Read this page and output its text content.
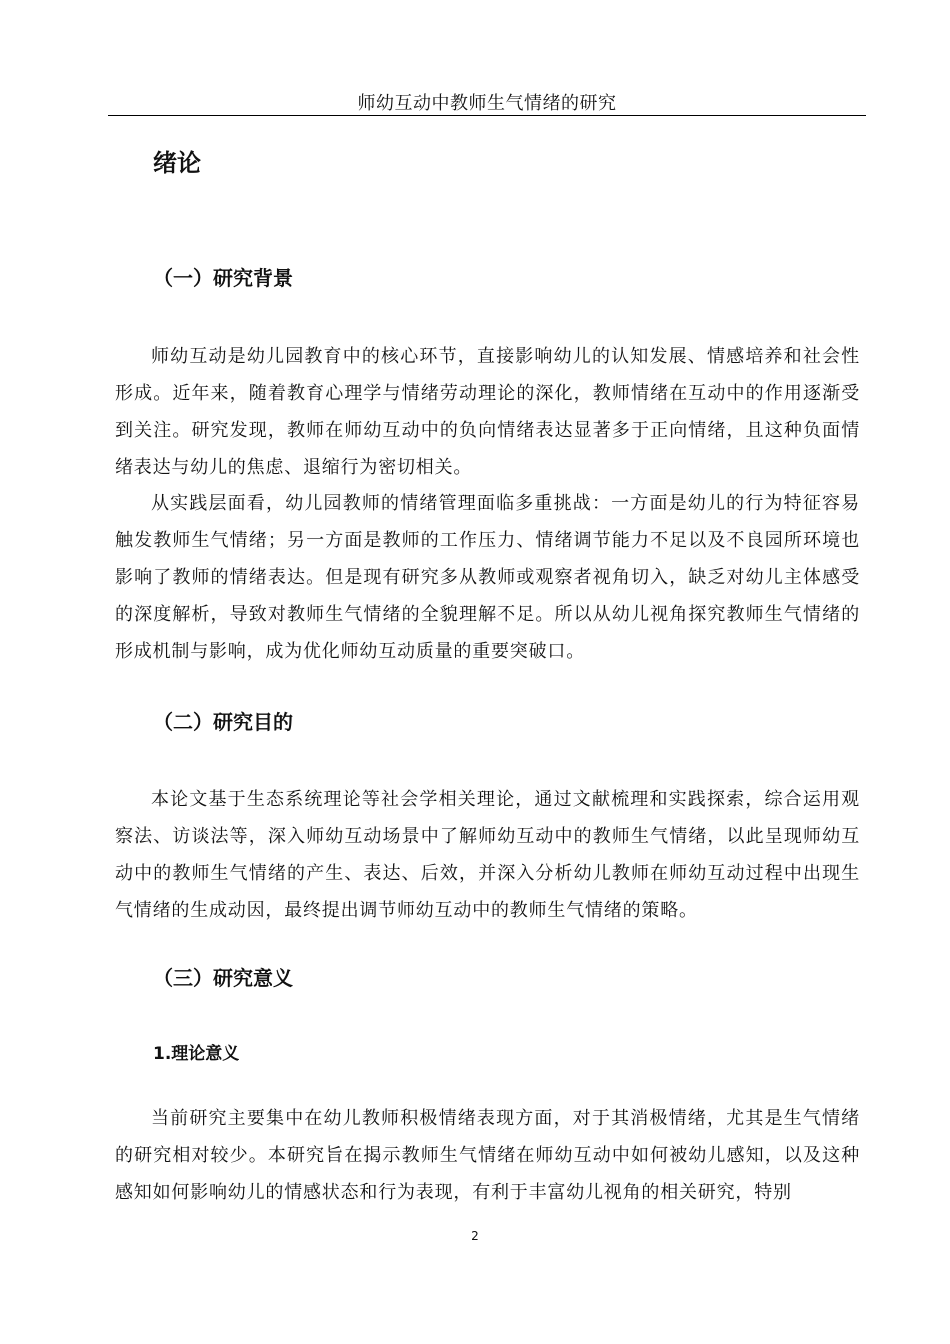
师幼互动中教师生气情绪的研究
绪论
（一）研究背景

师幼互动是幼儿园教育中的核心环节，直接影响幼儿的认知发展、情感培养和社会性形成。近年来，随着教育心理学与情绪劳动理论的深化，教师情绪在互动中的作用逐渐受到关注。研究发现，教师在师幼互动中的负向情绪表达显著多于正向情绪，且这种负面情绪表达与幼儿的焦虑、退缩行为密切相关。

从实践层面看，幼儿园教师的情绪管理面临多重挑战：一方面是幼儿的行为特征容易触发教师生气情绪；另一方面是教师的工作压力、情绪调节能力不足以及不良园所环境也影响了教师的情绪表达。但是现有研究多从教师或观察者视角切入，缺乏对幼儿主体感受的深度解析，导致对教师生气情绪的全貌理解不足。所以从幼儿视角探究教师生气情绪的形成机制与影响，成为优化师幼互动质量的重要突破口。

（二）研究目的

本论文基于生态系统理论等社会学相关理论，通过文献梳理和实践探索，综合运用观察法、访谈法等，深入师幼互动场景中了解师幼互动中的教师生气情绪，以此呈现师幼互动中的教师生气情绪的产生、表达、后效，并深入分析幼儿教师在师幼互动过程中出现生气情绪的生成动因，最终提出调节师幼互动中的教师生气情绪的策略。

（三）研究意义
1.理论意义

当前研究主要集中在幼儿教师积极情绪表现方面，对于其消极情绪，尤其是生气情绪的研究相对较少。本研究旨在揭示教师生气情绪在师幼互动中如何被幼儿感知，以及这种感知如何影响幼儿的情感状态和行为表现，有利于丰富幼儿视角的相关研究，特别

2
